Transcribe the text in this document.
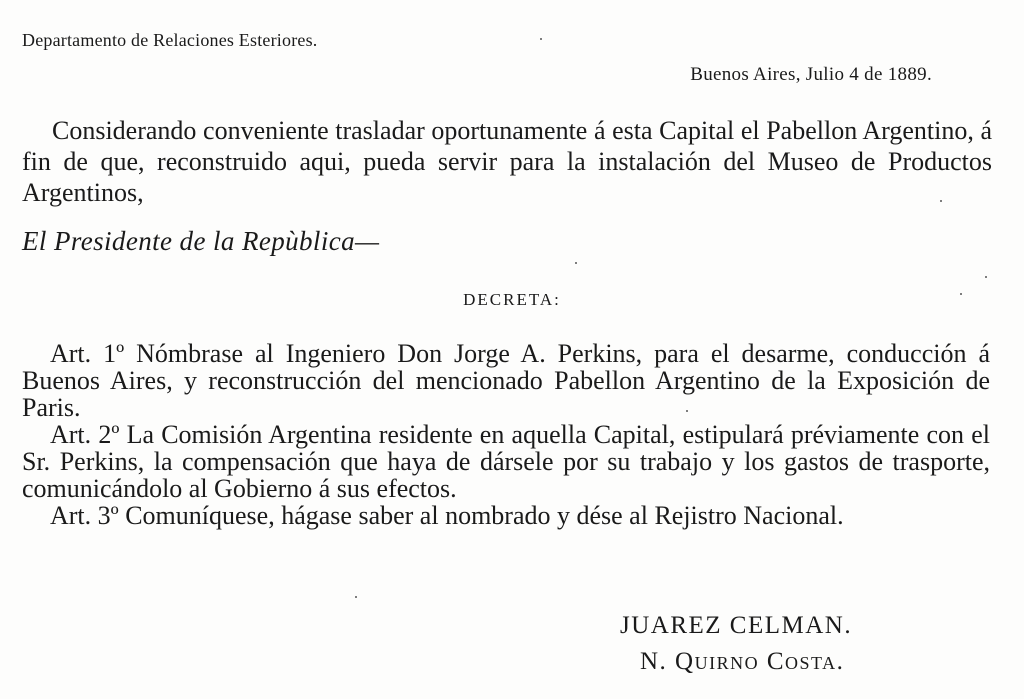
Departamento de Relaciones Esteriores.
Buenos Aires, Julio 4 de 1889.

Considerando conveniente trasladar oportunamente á esta Capital el Pabellon Argentino, á fin de que, reconstruido aqui, pueda servir para la instalación del Museo de Productos Argentinos,

El Presidente de la Repùblica—
DECRETA:

Art. 1º Nómbrase al Ingeniero Don Jorge A. Perkins, para el desarme, conducción á Buenos Aires, y reconstrucción del mencionado Pabellon Argentino de la Exposición de Paris.

Art. 2º La Comisión Argentina residente en aquella Capital, estipulará préviamente con el Sr. Perkins, la compensación que haya de dársele por su trabajo y los gastos de trasporte, comunicándolo al Gobierno á sus efectos.

Art. 3º Comuníquese, hágase saber al nombrado y dése al Rejistro Nacional.

JUAREZ CELMAN.
N. Quirno Costa.
